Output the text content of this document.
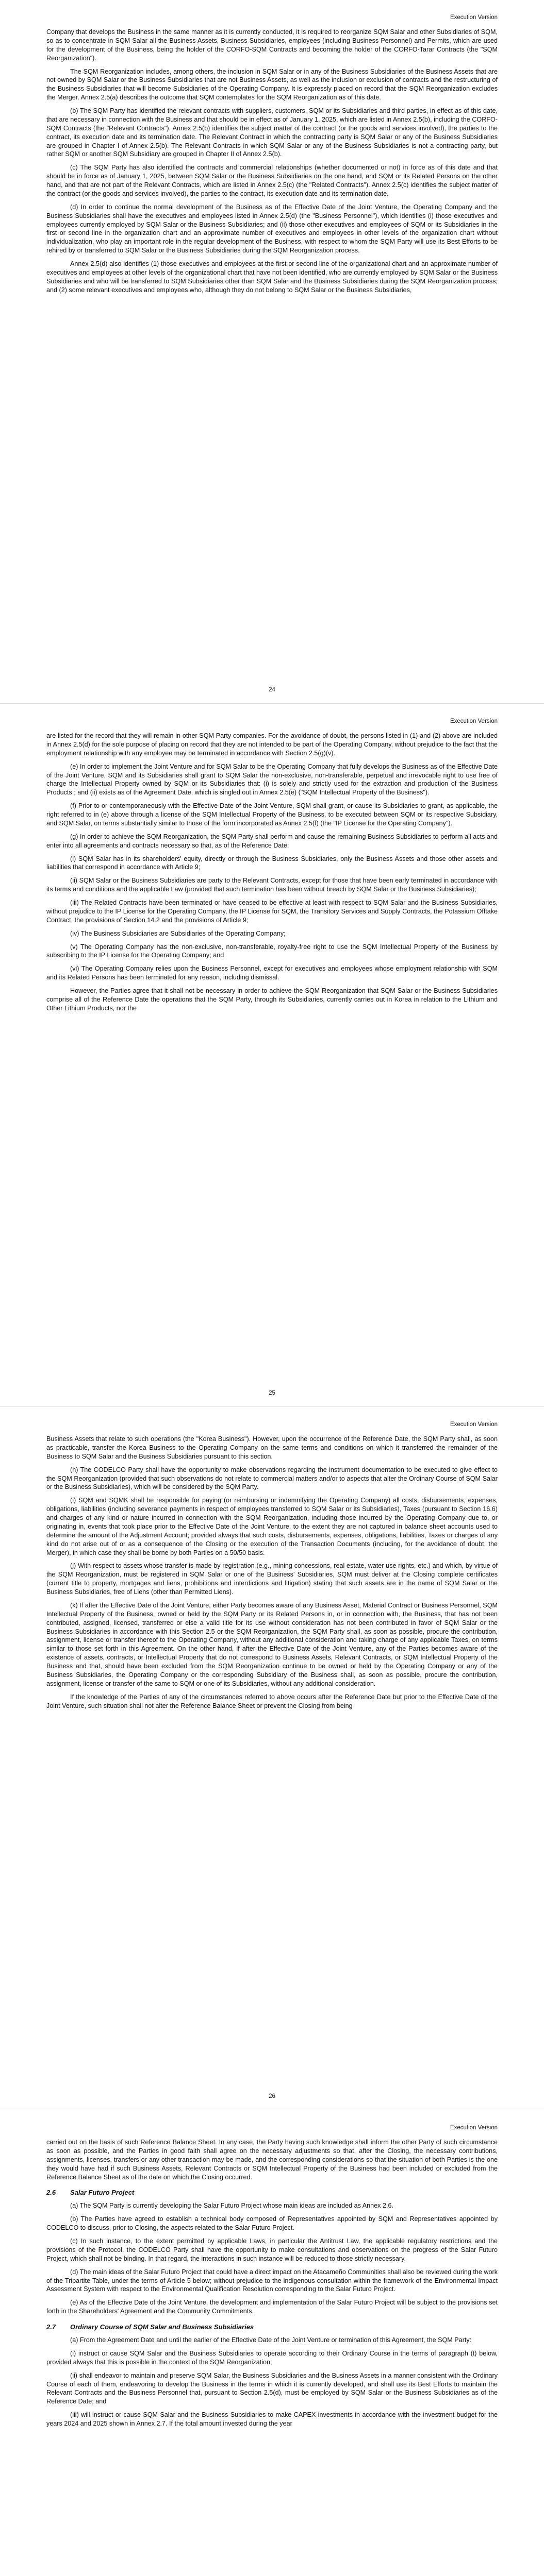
Execution Version

Company that develops the Business in the same manner as it is currently conducted, it is required to reorganize SQM Salar and other Subsidiaries of SQM, so as to concentrate in SQM Salar all the Business Assets, Business Subsidiaries, employees (including Business Personnel) and Permits, which are used for the development of the Business, being the holder of the CORFO-SQM Contracts and becoming the holder of the CORFO-Tarar Contracts (the "SQM Reorganization").

The SQM Reorganization includes, among others, the inclusion in SQM Salar or in any of the Business Subsidiaries of the Business Assets that are not owned by SQM Salar or the Business Subsidiaries that are not Business Assets, as well as the inclusion or exclusion of contracts and the restructuring of the Business Subsidiaries that will become Subsidiaries of the Operating Company. It is expressly placed on record that the SQM Reorganization excludes the Merger. Annex 2.5(a) describes the outcome that SQM contemplates for the SQM Reorganization as of this date.

(b) The SQM Party has identified the relevant contracts with suppliers, customers, SQM or its Subsidiaries and third parties, in effect as of this date, that are necessary in connection with the Business and that should be in effect as of January 1, 2025, which are listed in Annex 2.5(b), including the CORFO-SQM Contracts (the "Relevant Contracts"). Annex 2.5(b) identifies the subject matter of the contract (or the goods and services involved), the parties to the contract, its execution date and its termination date. The Relevant Contract in which the contracting party is SQM Salar or any of the Business Subsidiaries are grouped in Chapter I of Annex 2.5(b). The Relevant Contracts in which SQM Salar or any of the Business Subsidiaries is not a contracting party, but rather SQM or another SQM Subsidiary are grouped in Chapter II of Annex 2.5(b).

(c) The SQM Party has also identified the contracts and commercial relationships (whether documented or not) in force as of this date and that should be in force as of January 1, 2025, between SQM Salar or the Business Subsidiaries on the one hand, and SQM or its Related Persons on the other hand, and that are not part of the Relevant Contracts, which are listed in Annex 2.5(c) (the "Related Contracts"). Annex 2.5(c) identifies the subject matter of the contract (or the goods and services involved), the parties to the contract, its execution date and its termination date.

(d) In order to continue the normal development of the Business as of the Effective Date of the Joint Venture, the Operating Company and the Business Subsidiaries shall have the executives and employees listed in Annex 2.5(d) (the "Business Personnel"), which identifies (i) those executives and employees currently employed by SQM Salar or the Business Subsidiaries; and (ii) those other executives and employees of SQM or its Subsidiaries in the first or second line in the organization chart and an approximate number of executives and employees in other levels of the organization chart without individualization, who play an important role in the regular development of the Business, with respect to whom the SQM Party will use its Best Efforts to be rehired by or transferred to SQM Salar or the Business Subsidiaries during the SQM Reorganization process.

Annex 2.5(d) also identifies (1) those executives and employees at the first or second line of the organizational chart and an approximate number of executives and employees at other levels of the organizational chart that have not been identified, who are currently employed by SQM Salar or the Business Subsidiaries and who will be transferred to SQM Subsidiaries other than SQM Salar and the Business Subsidiaries during the SQM Reorganization process; and (2) some relevant executives and employees who, although they do not belong to SQM Salar or the Business Subsidiaries,

24
Execution Version

are listed for the record that they will remain in other SQM Party companies. For the avoidance of doubt, the persons listed in (1) and (2) above are included in Annex 2.5(d) for the sole purpose of placing on record that they are not intended to be part of the Operating Company, without prejudice to the fact that the employment relationship with any employee may be terminated in accordance with Section 2.5(g)(v).

(e) In order to implement the Joint Venture and for SQM Salar to be the Operating Company that fully develops the Business as of the Effective Date of the Joint Venture, SQM and its Subsidiaries shall grant to SQM Salar the non-exclusive, non-transferable, perpetual and irrevocable right to use free of charge the Intellectual Property owned by SQM or its Subsidiaries that: (i) is solely and strictly used for the extraction and production of the Business Products ; and (ii) exists as of the Agreement Date, which is singled out in Annex 2.5(e) ("SQM Intellectual Property of the Business").

(f) Prior to or contemporaneously with the Effective Date of the Joint Venture, SQM shall grant, or cause its Subsidiaries to grant, as applicable, the right referred to in (e) above through a license of the SQM Intellectual Property of the Business, to be executed between SQM or its respective Subsidiary, and SQM Salar, on terms substantially similar to those of the form incorporated as Annex 2.5(f) (the "IP License for the Operating Company").

(g) In order to achieve the SQM Reorganization, the SQM Party shall perform and cause the remaining Business Subsidiaries to perform all acts and enter into all agreements and contracts necessary so that, as of the Reference Date:

(i) SQM Salar has in its shareholders' equity, directly or through the Business Subsidiaries, only the Business Assets and those other assets and liabilities that correspond in accordance with Article 9;

(ii) SQM Salar or the Business Subsidiaries are party to the Relevant Contracts, except for those that have been early terminated in accordance with its terms and conditions and the applicable Law (provided that such termination has been without breach by SQM Salar or the Business Subsidiaries);

(iii) The Related Contracts have been terminated or have ceased to be effective at least with respect to SQM Salar and the Business Subsidiaries, without prejudice to the IP License for the Operating Company, the IP License for SQM, the Transitory Services and Supply Contracts, the Potassium Offtake Contract, the provisions of Section 14.2 and the provisions of Article 9;

(iv) The Business Subsidiaries are Subsidiaries of the Operating Company;

(v) The Operating Company has the non-exclusive, non-transferable, royalty-free right to use the SQM Intellectual Property of the Business by subscribing to the IP License for the Operating Company; and

(vi) The Operating Company relies upon the Business Personnel, except for executives and employees whose employment relationship with SQM and its Related Persons has been terminated for any reason, including dismissal.

However, the Parties agree that it shall not be necessary in order to achieve the SQM Reorganization that SQM Salar or the Business Subsidiaries comprise all of the Reference Date the operations that the SQM Party, through its Subsidiaries, currently carries out in Korea in relation to the Lithium and Other Lithium Products, nor the

25
Execution Version

Business Assets that relate to such operations (the "Korea Business"). However, upon the occurrence of the Reference Date, the SQM Party shall, as soon as practicable, transfer the Korea Business to the Operating Company on the same terms and conditions on which it transferred the remainder of the Business to SQM Salar and the Business Subsidiaries pursuant to this section.

(h) The CODELCO Party shall have the opportunity to make observations regarding the instrument documentation to be executed to give effect to the SQM Reorganization (provided that such observations do not relate to commercial matters and/or to aspects that alter the Ordinary Course of SQM Salar or the Business Subsidiaries), which will be considered by the SQM Party.

(i) SQM and SQMK shall be responsible for paying (or reimbursing or indemnifying the Operating Company) all costs, disbursements, expenses, obligations, liabilities (including severance payments in respect of employees transferred to SQM Salar or its Subsidiaries), Taxes (pursuant to Section 16.6) and charges of any kind or nature incurred in connection with the SQM Reorganization, including those incurred by the Operating Company due to, or originating in, events that took place prior to the Effective Date of the Joint Venture, to the extent they are not captured in balance sheet accounts used to determine the amount of the Adjustment Account; provided always that such costs, disbursements, expenses, obligations, liabilities, Taxes or charges of any kind do not arise out of or as a consequence of the Closing or the execution of the Transaction Documents (including, for the avoidance of doubt, the Merger), in which case they shall be borne by both Parties on a 50/50 basis.

(j) With respect to assets whose transfer is made by registration (e.g., mining concessions, real estate, water use rights, etc.) and which, by virtue of the SQM Reorganization, must be registered in SQM Salar or one of the Business' Subsidiaries, SQM must deliver at the Closing complete certificates (current title to property, mortgages and liens, prohibitions and interdictions and litigation) stating that such assets are in the name of SQM Salar or the Business Subsidiaries, free of Liens (other than Permitted Liens).

(k) If after the Effective Date of the Joint Venture, either Party becomes aware of any Business Asset, Material Contract or Business Personnel, SQM Intellectual Property of the Business, owned or held by the SQM Party or its Related Persons in, or in connection with, the Business, that has not been contributed, assigned, licensed, transferred or else a valid title for its use without consideration has not been contributed in favor of SQM Salar or the Business Subsidiaries in accordance with this Section 2.5 or the SQM Reorganization, the SQM Party shall, as soon as possible, procure the contribution, assignment, license or transfer thereof to the Operating Company, without any additional consideration and taking charge of any applicable Taxes, on terms similar to those set forth in this Agreement. On the other hand, if after the Effective Date of the Joint Venture, any of the Parties becomes aware of the existence of assets, contracts, or Intellectual Property that do not correspond to Business Assets, Relevant Contracts, or SQM Intellectual Property of the Business and that, should have been excluded from the SQM Reorganization continue to be owned or held by the Operating Company or any of the Business Subsidiaries, the Operating Company or the corresponding Subsidiary of the Business shall, as soon as possible, procure the contribution, assignment, license or transfer of the same to SQM or one of its Subsidiaries, without any additional consideration.

If the knowledge of the Parties of any of the circumstances referred to above occurs after the Reference Date but prior to the Effective Date of the Joint Venture, such situation shall not alter the Reference Balance Sheet or prevent the Closing from being

26
Execution Version

carried out on the basis of such Reference Balance Sheet. In any case, the Party having such knowledge shall inform the other Party of such circumstance as soon as possible, and the Parties in good faith shall agree on the necessary adjustments so that, after the Closing, the necessary contributions, assignments, licenses, transfers or any other transaction may be made, and the corresponding considerations so that the situation of both Parties is the one they would have had if such Business Assets, Relevant Contracts or SQM Intellectual Property of the Business had been included or excluded from the Reference Balance Sheet as of the date on which the Closing occurred.

2.6 Salar Futuro Project

(a) The SQM Party is currently developing the Salar Futuro Project whose main ideas are included as Annex 2.6.

(b) The Parties have agreed to establish a technical body composed of Representatives appointed by SQM and Representatives appointed by CODELCO to discuss, prior to Closing, the aspects related to the Salar Futuro Project.

(c) In such instance, to the extent permitted by applicable Laws, in particular the Antitrust Law, the applicable regulatory restrictions and the provisions of the Protocol, the CODELCO Party shall have the opportunity to make consultations and observations on the progress of the Salar Futuro Project, which shall not be binding. In that regard, the interactions in such instance will be reduced to those strictly necessary.

(d) The main ideas of the Salar Futuro Project that could have a direct impact on the Atacameño Communities shall also be reviewed during the work of the Tripartite Table, under the terms of Article 5 below; without prejudice to the indigenous consultation within the framework of the Environmental Impact Assessment System with respect to the Environmental Qualification Resolution corresponding to the Salar Futuro Project.

(e) As of the Effective Date of the Joint Venture, the development and implementation of the Salar Futuro Project will be subject to the provisions set forth in the Shareholders' Agreement and the Community Commitments.

2.7 Ordinary Course of SQM Salar and Business Subsidiaries

(a) From the Agreement Date and until the earlier of the Effective Date of the Joint Venture or termination of this Agreement, the SQM Party:

(i) instruct or cause SQM Salar and the Business Subsidiaries to operate according to their Ordinary Course in the terms of paragraph (t) below, provided always that this is possible in the context of the SQM Reorganization;

(ii) shall endeavor to maintain and preserve SQM Salar, the Business Subsidiaries and the Business Assets in a manner consistent with the Ordinary Course of each of them, endeavoring to develop the Business in the terms in which it is currently developed, and shall use its Best Efforts to maintain the Relevant Contracts and the Business Personnel that, pursuant to Section 2.5(d), must be employed by SQM Salar or the Business Subsidiaries as of the Reference Date; and

(iii) will instruct or cause SQM Salar and the Business Subsidiaries to make CAPEX investments in accordance with the investment budget for the years 2024 and 2025 shown in Annex 2.7. If the total amount invested during the year
